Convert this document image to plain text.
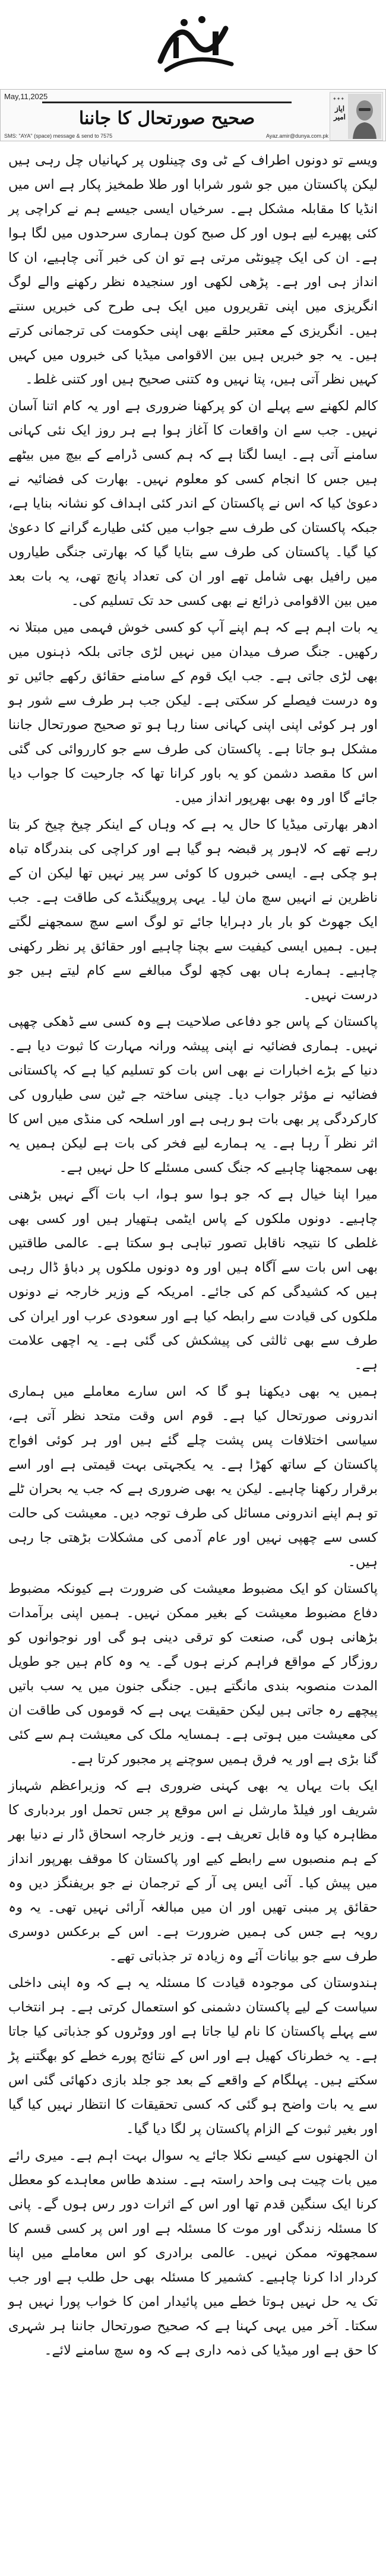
May,11,2025
صحیح صورتحال کا جاننا
SMS: "AYA" (space) message & send to 7575	Ayaz.amir@dunya.com.pk
✦✦✦
ایاز امیر

ویسے تو دونوں اطراف کے ٹی وی چینلوں پر کہانیاں چل رہی ہیں لیکن پاکستان میں جو شور شرابا اور طلا طمخیز پکار ہے اس میں انڈیا کا مقابلہ مشکل ہے۔ سرخیاں ایسی جیسے ہم نے کراچی پر کئی پھیرے لیے ہوں اور کل صبح کون ہماری سرحدوں میں لگا ہوا ہے۔ ان کی ایک چیونٹی مرتی ہے تو ان کی خبر آنی چاہیے، ان کا انداز ہی اور ہے۔ پڑھی لکھی اور سنجیدہ نظر رکھنے والے لوگ انگریزی میں اپنی تقریروں میں ایک ہی طرح کی خبریں سنتے ہیں۔ انگریزی کے معتبر حلقے بھی اپنی حکومت کی ترجمانی کرتے ہیں۔ یہ جو خبریں ہیں بین الاقوامی میڈیا کی خبروں میں کہیں کہیں نظر آتی ہیں، پتا نہیں وہ کتنی صحیح ہیں اور کتنی غلط۔

کالم لکھنے سے پہلے ان کو پرکھنا ضروری ہے اور یہ کام اتنا آسان نہیں۔ جب سے ان واقعات کا آغاز ہوا ہے ہر روز ایک نئی کہانی سامنے آتی ہے۔ ایسا لگتا ہے کہ ہم کسی ڈرامے کے بیچ میں بیٹھے ہیں جس کا انجام کسی کو معلوم نہیں۔ بھارت کی فضائیہ نے دعویٰ کیا کہ اس نے پاکستان کے اندر کئی اہداف کو نشانہ بنایا ہے، جبکہ پاکستان کی طرف سے جواب میں کئی طیارے گرانے کا دعویٰ کیا گیا۔ پاکستان کی طرف سے بتایا گیا کہ بھارتی جنگی طیاروں میں رافیل بھی شامل تھے اور ان کی تعداد پانچ تھی، یہ بات بعد میں بین الاقوامی ذرائع نے بھی کسی حد تک تسلیم کی۔

یہ بات اہم ہے کہ ہم اپنے آپ کو کسی خوش فہمی میں مبتلا نہ رکھیں۔ جنگ صرف میدان میں نہیں لڑی جاتی بلکہ ذہنوں میں بھی لڑی جاتی ہے۔ جب ایک قوم کے سامنے حقائق رکھے جائیں تو وہ درست فیصلے کر سکتی ہے۔ لیکن جب ہر طرف سے شور ہو اور ہر کوئی اپنی اپنی کہانی سنا رہا ہو تو صحیح صورتحال جاننا مشکل ہو جاتا ہے۔ پاکستان کی طرف سے جو کارروائی کی گئی اس کا مقصد دشمن کو یہ باور کرانا تھا کہ جارحیت کا جواب دیا جائے گا اور وہ بھی بھرپور انداز میں۔

ادھر بھارتی میڈیا کا حال یہ ہے کہ وہاں کے اینکر چیخ چیخ کر بتا رہے تھے کہ لاہور پر قبضہ ہو گیا ہے اور کراچی کی بندرگاہ تباہ ہو چکی ہے۔ ایسی خبروں کا کوئی سر پیر نہیں تھا لیکن ان کے ناظرین نے انہیں سچ مان لیا۔ یہی پروپیگنڈے کی طاقت ہے۔ جب ایک جھوٹ کو بار بار دہرایا جائے تو لوگ اسے سچ سمجھنے لگتے ہیں۔ ہمیں ایسی کیفیت سے بچنا چاہیے اور حقائق پر نظر رکھنی چاہیے۔ ہمارے ہاں بھی کچھ لوگ مبالغے سے کام لیتے ہیں جو درست نہیں۔

پاکستان کے پاس جو دفاعی صلاحیت ہے وہ کسی سے ڈھکی چھپی نہیں۔ ہماری فضائیہ نے اپنی پیشہ ورانہ مہارت کا ثبوت دیا ہے۔ دنیا کے بڑے اخبارات نے بھی اس بات کو تسلیم کیا ہے کہ پاکستانی فضائیہ نے مؤثر جواب دیا۔ چینی ساختہ جے ٹین سی طیاروں کی کارکردگی پر بھی بات ہو رہی ہے اور اسلحہ کی منڈی میں اس کا اثر نظر آ رہا ہے۔ یہ ہمارے لیے فخر کی بات ہے لیکن ہمیں یہ بھی سمجھنا چاہیے کہ جنگ کسی مسئلے کا حل نہیں ہے۔

میرا اپنا خیال ہے کہ جو ہوا سو ہوا، اب بات آگے نہیں بڑھنی چاہیے۔ دونوں ملکوں کے پاس ایٹمی ہتھیار ہیں اور کسی بھی غلطی کا نتیجہ ناقابل تصور تباہی ہو سکتا ہے۔ عالمی طاقتیں بھی اس بات سے آگاہ ہیں اور وہ دونوں ملکوں پر دباؤ ڈال رہی ہیں کہ کشیدگی کم کی جائے۔ امریکہ کے وزیر خارجہ نے دونوں ملکوں کی قیادت سے رابطہ کیا ہے اور سعودی عرب اور ایران کی طرف سے بھی ثالثی کی پیشکش کی گئی ہے۔ یہ اچھی علامت ہے۔

ہمیں یہ بھی دیکھنا ہو گا کہ اس سارے معاملے میں ہماری اندرونی صورتحال کیا ہے۔ قوم اس وقت متحد نظر آتی ہے، سیاسی اختلافات پس پشت چلے گئے ہیں اور ہر کوئی افواج پاکستان کے ساتھ کھڑا ہے۔ یہ یکجہتی بہت قیمتی ہے اور اسے برقرار رکھنا چاہیے۔ لیکن یہ بھی ضروری ہے کہ جب یہ بحران ٹلے تو ہم اپنے اندرونی مسائل کی طرف توجہ دیں۔ معیشت کی حالت کسی سے چھپی نہیں اور عام آدمی کی مشکلات بڑھتی جا رہی ہیں۔

پاکستان کو ایک مضبوط معیشت کی ضرورت ہے کیونکہ مضبوط دفاع مضبوط معیشت کے بغیر ممکن نہیں۔ ہمیں اپنی برآمدات بڑھانی ہوں گی، صنعت کو ترقی دینی ہو گی اور نوجوانوں کو روزگار کے مواقع فراہم کرنے ہوں گے۔ یہ وہ کام ہیں جو طویل المدت منصوبہ بندی مانگتے ہیں۔ جنگی جنون میں یہ سب باتیں پیچھے رہ جاتی ہیں لیکن حقیقت یہی ہے کہ قوموں کی طاقت ان کی معیشت میں ہوتی ہے۔ ہمسایہ ملک کی معیشت ہم سے کئی گنا بڑی ہے اور یہ فرق ہمیں سوچنے پر مجبور کرتا ہے۔

ایک بات یہاں یہ بھی کہنی ضروری ہے کہ وزیراعظم شہباز شریف اور فیلڈ مارشل نے اس موقع پر جس تحمل اور بردباری کا مظاہرہ کیا وہ قابل تعریف ہے۔ وزیر خارجہ اسحاق ڈار نے دنیا بھر کے ہم منصبوں سے رابطے کیے اور پاکستان کا موقف بھرپور انداز میں پیش کیا۔ آئی ایس پی آر کے ترجمان نے جو بریفنگز دیں وہ حقائق پر مبنی تھیں اور ان میں مبالغہ آرائی نہیں تھی۔ یہ وہ رویہ ہے جس کی ہمیں ضرورت ہے۔ اس کے برعکس دوسری طرف سے جو بیانات آئے وہ زیادہ تر جذباتی تھے۔

ہندوستان کی موجودہ قیادت کا مسئلہ یہ ہے کہ وہ اپنی داخلی سیاست کے لیے پاکستان دشمنی کو استعمال کرتی ہے۔ ہر انتخاب سے پہلے پاکستان کا نام لیا جاتا ہے اور ووٹروں کو جذباتی کیا جاتا ہے۔ یہ خطرناک کھیل ہے اور اس کے نتائج پورے خطے کو بھگتنے پڑ سکتے ہیں۔ پہلگام کے واقعے کے بعد جو جلد بازی دکھائی گئی اس سے یہ بات واضح ہو گئی کہ کسی تحقیقات کا انتظار نہیں کیا گیا اور بغیر ثبوت کے الزام پاکستان پر لگا دیا گیا۔

ان الجھنوں سے کیسے نکلا جائے یہ سوال بہت اہم ہے۔ میری رائے میں بات چیت ہی واحد راستہ ہے۔ سندھ طاس معاہدے کو معطل کرنا ایک سنگین قدم تھا اور اس کے اثرات دور رس ہوں گے۔ پانی کا مسئلہ زندگی اور موت کا مسئلہ ہے اور اس پر کسی قسم کا سمجھوتہ ممکن نہیں۔ عالمی برادری کو اس معاملے میں اپنا کردار ادا کرنا چاہیے۔ کشمیر کا مسئلہ بھی حل طلب ہے اور جب تک یہ حل نہیں ہوتا خطے میں پائیدار امن کا خواب پورا نہیں ہو سکتا۔ آخر میں یہی کہنا ہے کہ صحیح صورتحال جاننا ہر شہری کا حق ہے اور میڈیا کی ذمہ داری ہے کہ وہ سچ سامنے لائے۔
